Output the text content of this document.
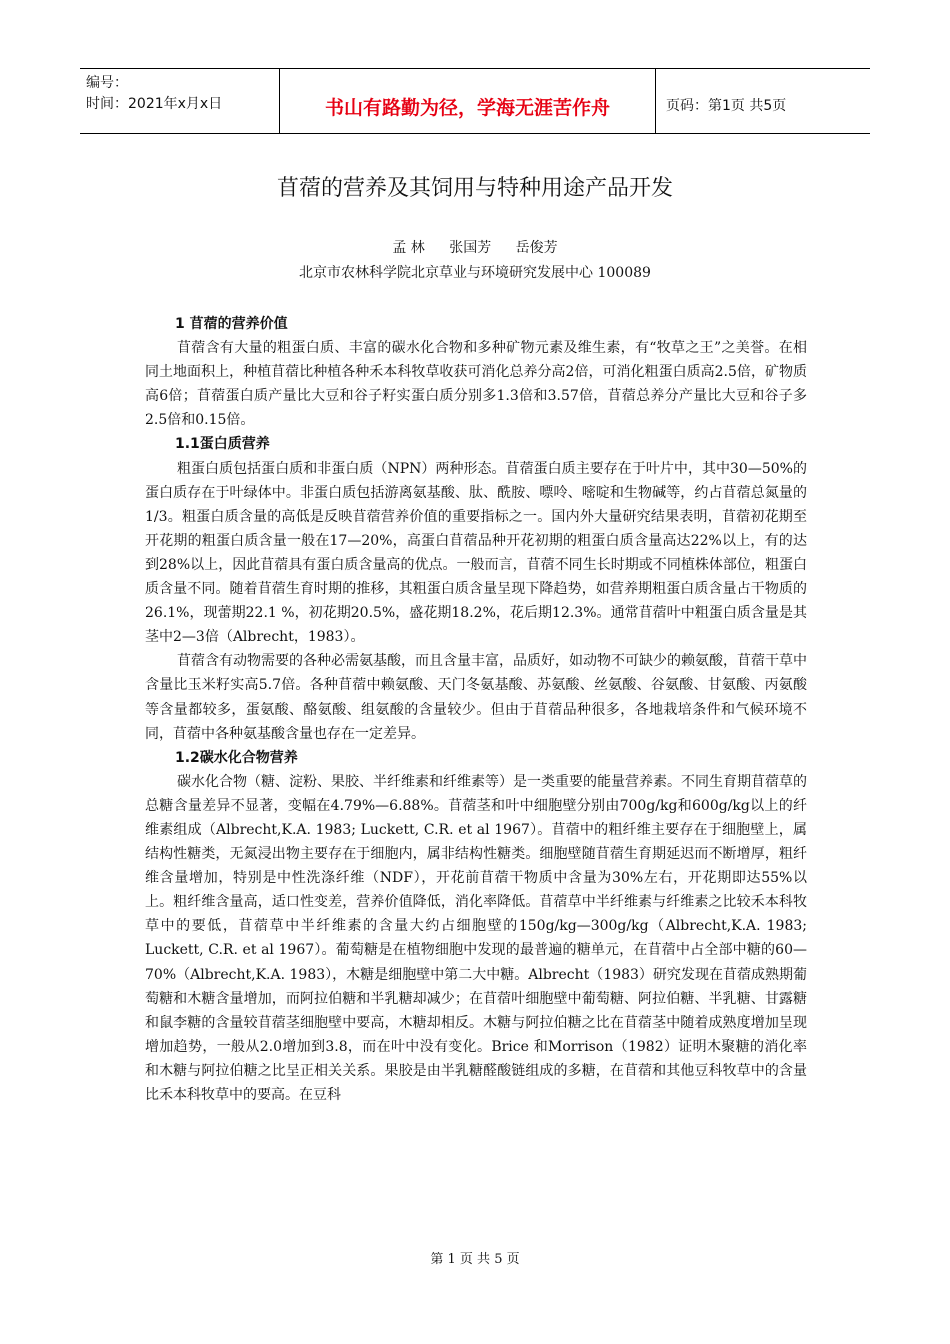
编号：
时间：2021年x月x日	书山有路勤为径，学海无涯苦作舟	页码：第1页 共5页
苜蓿的营养及其饲用与特种用途产品开发
孟 林 张国芳 岳俊芳
北京市农林科学院北京草业与环境研究发展中心 100089
1 苜蓿的营养价值

苜蓿含有大量的粗蛋白质、丰富的碳水化合物和多种矿物元素及维生素，有“牧草之王”之美誉。在相同土地面积上，种植苜蓿比种植各种禾本科牧草收获可消化总养分高2倍，可消化粗蛋白质高2.5倍，矿物质高6倍；苜蓿蛋白质产量比大豆和谷子籽实蛋白质分别多1.3倍和3.57倍，苜蓿总养分产量比大豆和谷子多2.5倍和0.15倍。

1.1蛋白质营养

粗蛋白质包括蛋白质和非蛋白质（NPN）两种形态。苜蓿蛋白质主要存在于叶片中，其中30—50%的蛋白质存在于叶绿体中。非蛋白质包括游离氨基酸、肽、酰胺、嘌呤、嘧啶和生物碱等，约占苜蓿总氮量的1/3。粗蛋白质含量的高低是反映苜蓿营养价值的重要指标之一。国内外大量研究结果表明，苜蓿初花期至开花期的粗蛋白质含量一般在17—20%，高蛋白苜蓿品种开花初期的粗蛋白质含量高达22%以上，有的达到28%以上，因此苜蓿具有蛋白质含量高的优点。一般而言，苜蓿不同生长时期或不同植株体部位，粗蛋白质含量不同。随着苜蓿生育时期的推移，其粗蛋白质含量呈现下降趋势，如营养期粗蛋白质含量占干物质的26.1%，现蕾期22.1 %，初花期20.5%，盛花期18.2%，花后期12.3%。通常苜蓿叶中粗蛋白质含量是其茎中2—3倍（Albrecht，1983）。

苜蓿含有动物需要的各种必需氨基酸，而且含量丰富，品质好，如动物不可缺少的赖氨酸，苜蓿干草中含量比玉米籽实高5.7倍。各种苜蓿中赖氨酸、天门冬氨基酸、苏氨酸、丝氨酸、谷氨酸、甘氨酸、丙氨酸等含量都较多，蛋氨酸、酪氨酸、组氨酸的含量较少。但由于苜蓿品种很多，各地栽培条件和气候环境不同，苜蓿中各种氨基酸含量也存在一定差异。

1.2碳水化合物营养

碳水化合物（糖、淀粉、果胶、半纤维素和纤维素等）是一类重要的能量营养素。不同生育期苜蓿草的总糖含量差异不显著，变幅在4.79%—6.88%。苜蓿茎和叶中细胞壁分别由700g/kg和600g/kg以上的纤维素组成（Albrecht,K.A. 1983; Luckett, C.R. et al 1967）。苜蓿中的粗纤维主要存在于细胞壁上，属结构性糖类，无氮浸出物主要存在于细胞内，属非结构性糖类。细胞壁随苜蓿生育期延迟而不断增厚，粗纤维含量增加，特别是中性洗涤纤维（NDF），开花前苜蓿干物质中含量为30%左右，开花期即达55%以上。粗纤维含量高，适口性变差，营养价值降低，消化率降低。苜蓿草中半纤维素与纤维素之比较禾本科牧草中的要低，苜蓿草中半纤维素的含量大约占细胞壁的150g/kg—300g/kg（Albrecht,K.A. 1983; Luckett, C.R. et al 1967）。葡萄糖是在植物细胞中发现的最普遍的糖单元，在苜蓿中占全部中糖的60—70%（Albrecht,K.A. 1983），木糖是细胞壁中第二大中糖。Albrecht（1983）研究发现在苜蓿成熟期葡萄糖和木糖含量增加，而阿拉伯糖和半乳糖却减少；在苜蓿叶细胞壁中葡萄糖、阿拉伯糖、半乳糖、甘露糖和鼠李糖的含量较苜蓿茎细胞壁中要高，木糖却相反。木糖与阿拉伯糖之比在苜蓿茎中随着成熟度增加呈现增加趋势，一般从2.0增加到3.8，而在叶中没有变化。Brice 和Morrison（1982）证明木聚糖的消化率和木糖与阿拉伯糖之比呈正相关关系。果胶是由半乳糖醛酸链组成的多糖，在苜蓿和其他豆科牧草中的含量比禾本科牧草中的要高。在豆科

第 1 页 共 5 页
